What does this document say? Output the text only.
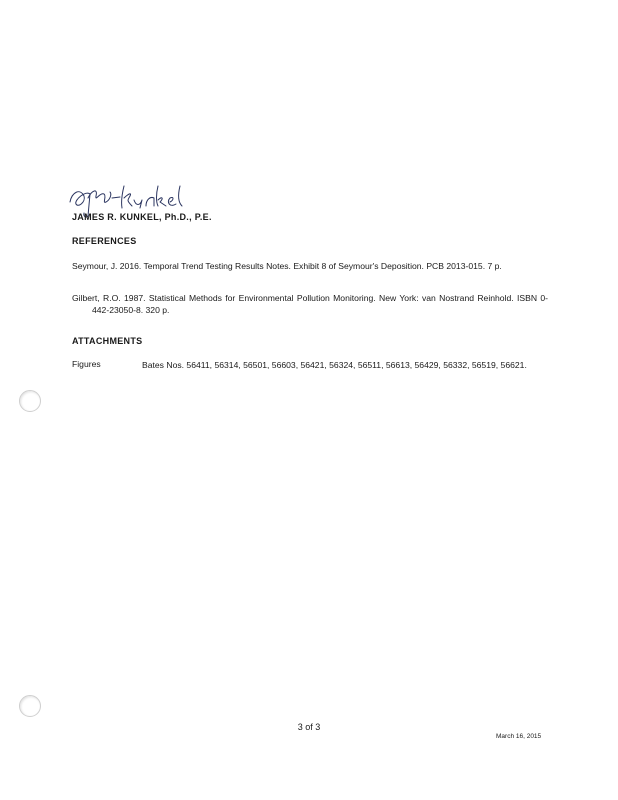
JAMES R. KUNKEL, Ph.D., P.E.
REFERENCES
Seymour, J. 2016. Temporal Trend Testing Results Notes. Exhibit 8 of Seymour's Deposition. PCB 2013-015. 7 p.
Gilbert, R.O. 1987. Statistical Methods for Environmental Pollution Monitoring. New York: van Nostrand Reinhold. ISBN 0-442-23050-8. 320 p.
ATTACHMENTS
Figures	Bates Nos. 56411, 56314, 56501, 56603, 56421, 56324, 56511, 56613, 56429, 56332, 56519, 56621.
3 of 3
March 16, 2015
